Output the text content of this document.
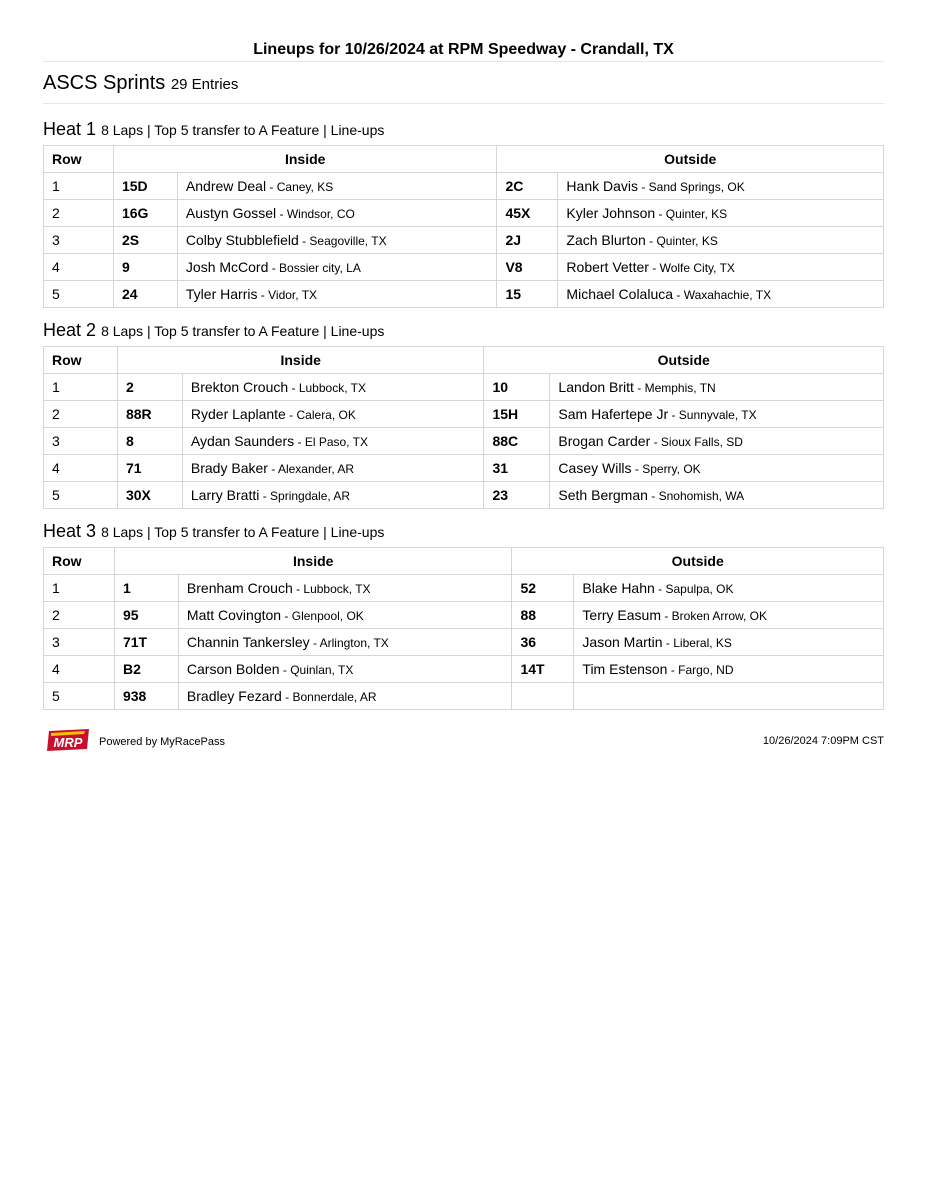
Lineups for 10/26/2024 at RPM Speedway - Crandall, TX
ASCS Sprints 29 Entries
Heat 1 8 Laps | Top 5 transfer to A Feature | Line-ups
Row	Inside		Outside	
1	15D	Andrew Deal - Caney, KS	2C	Hank Davis - Sand Springs, OK
2	16G	Austyn Gossel - Windsor, CO	45X	Kyler Johnson - Quinter, KS
3	2S	Colby Stubblefield - Seagoville, TX	2J	Zach Blurton - Quinter, KS
4	9	Josh McCord - Bossier city, LA	V8	Robert Vetter - Wolfe City, TX
5	24	Tyler Harris - Vidor, TX	15	Michael Colaluca - Waxahachie, TX
Heat 2 8 Laps | Top 5 transfer to A Feature | Line-ups
Row	Inside		Outside	
1	2	Brekton Crouch - Lubbock, TX	10	Landon Britt - Memphis, TN
2	88R	Ryder Laplante - Calera, OK	15H	Sam Hafertepe Jr - Sunnyvale, TX
3	8	Aydan Saunders - El Paso, TX	88C	Brogan Carder - Sioux Falls, SD
4	71	Brady Baker - Alexander, AR	31	Casey Wills - Sperry, OK
5	30X	Larry Bratti - Springdale, AR	23	Seth Bergman - Snohomish, WA
Heat 3 8 Laps | Top 5 transfer to A Feature | Line-ups
Row	Inside		Outside	
1	1	Brenham Crouch - Lubbock, TX	52	Blake Hahn - Sapulpa, OK
2	95	Matt Covington - Glenpool, OK	88	Terry Easum - Broken Arrow, OK
3	71T	Channin Tankersley - Arlington, TX	36	Jason Martin - Liberal, KS
4	B2	Carson Bolden - Quinlan, TX	14T	Tim Estenson - Fargo, ND
5	938	Bradley Fezard - Bonnerdale, AR		
MRP Powered by MyRacePass	10/26/2024 7:09PM CST
